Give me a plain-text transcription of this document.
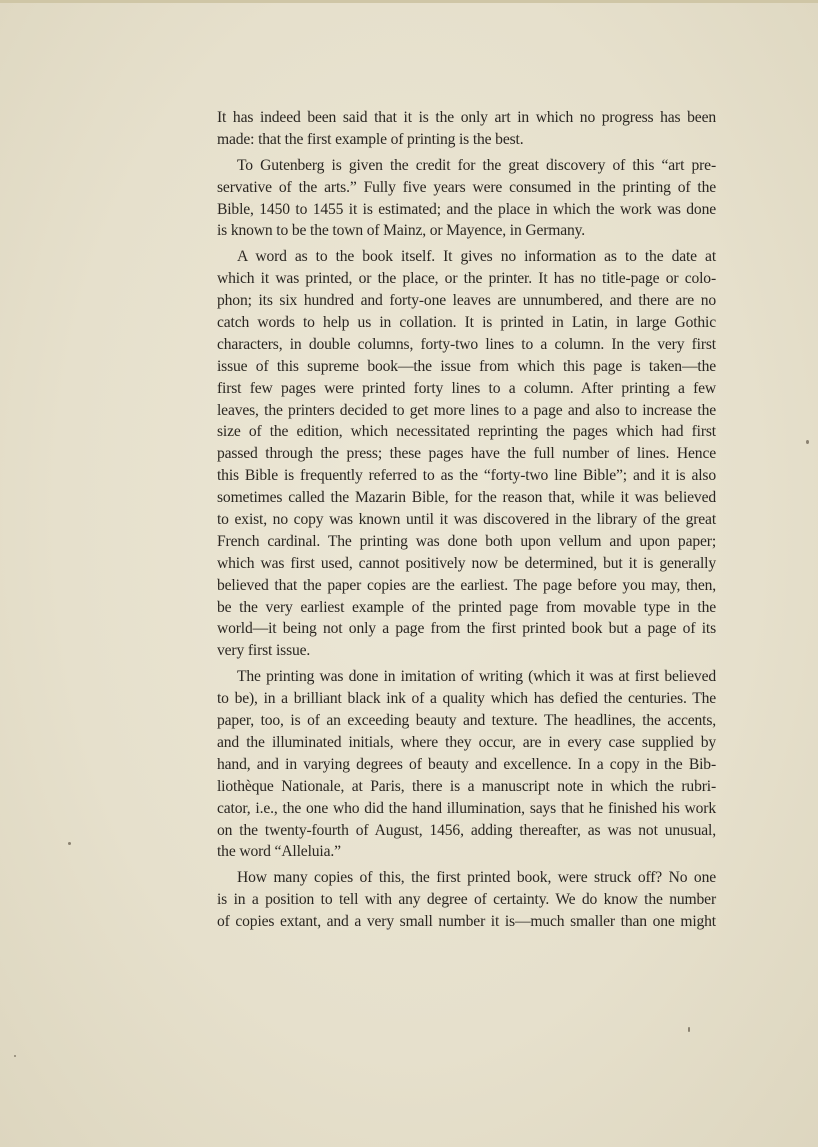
It has indeed been said that it is the only art in which no progress has been
made: that the first example of printing is the best.
To Gutenberg is given the credit for the great discovery of this “art pre-
servative of the arts.” Fully five years were consumed in the printing of the
Bible, 1450 to 1455 it is estimated; and the place in which the work was done
is known to be the town of Mainz, or Mayence, in Germany.
A word as to the book itself. It gives no information as to the date at
which it was printed, or the place, or the printer. It has no title-page or colo-
phon; its six hundred and forty-one leaves are unnumbered, and there are no
catch words to help us in collation. It is printed in Latin, in large Gothic
characters, in double columns, forty-two lines to a column. In the very first
issue of this supreme book—the issue from which this page is taken—the
first few pages were printed forty lines to a column. After printing a few
leaves, the printers decided to get more lines to a page and also to increase the
size of the edition, which necessitated reprinting the pages which had first
passed through the press; these pages have the full number of lines. Hence
this Bible is frequently referred to as the “forty-two line Bible”; and it is also
sometimes called the Mazarin Bible, for the reason that, while it was believed
to exist, no copy was known until it was discovered in the library of the great
French cardinal. The printing was done both upon vellum and upon paper;
which was first used, cannot positively now be determined, but it is generally
believed that the paper copies are the earliest. The page before you may, then,
be the very earliest example of the printed page from movable type in the
world—it being not only a page from the first printed book but a page of its
very first issue.
The printing was done in imitation of writing (which it was at first believed
to be), in a brilliant black ink of a quality which has defied the centuries. The
paper, too, is of an exceeding beauty and texture. The headlines, the accents,
and the illuminated initials, where they occur, are in every case supplied by
hand, and in varying degrees of beauty and excellence. In a copy in the Bib-
liothèque Nationale, at Paris, there is a manuscript note in which the rubri-
cator, i.e., the one who did the hand illumination, says that he finished his work
on the twenty-fourth of August, 1456, adding thereafter, as was not unusual,
the word “Alleluia.”
How many copies of this, the first printed book, were struck off? No one
is in a position to tell with any degree of certainty. We do know the number
of copies extant, and a very small number it is—much smaller than one might
